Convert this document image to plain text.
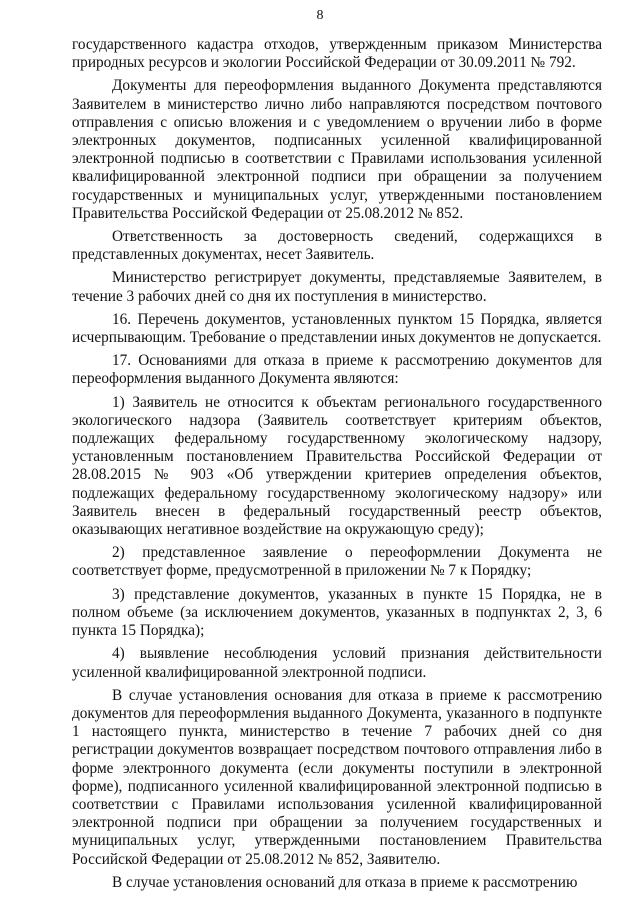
8

государственного кадастра отходов, утвержденным приказом Министерства природных ресурсов и экологии Российской Федерации от 30.09.2011 № 792.

Документы для переоформления выданного Документа представляются Заявителем в министерство лично либо направляются посредством почтового отправления с описью вложения и с уведомлением о вручении либо в форме электронных документов, подписанных усиленной квалифицированной электронной подписью в соответствии с Правилами использования усиленной квалифицированной электронной подписи при обращении за получением государственных и муниципальных услуг, утвержденными постановлением Правительства Российской Федерации от 25.08.2012 № 852.

Ответственность за достоверность сведений, содержащихся в представленных документах, несет Заявитель.

Министерство регистрирует документы, представляемые Заявителем, в течение 3 рабочих дней со дня их поступления в министерство.

16. Перечень документов, установленных пунктом 15 Порядка, является исчерпывающим. Требование о представлении иных документов не допускается.

17. Основаниями для отказа в приеме к рассмотрению документов для переоформления выданного Документа являются:

1) Заявитель не относится к объектам регионального государственного экологического надзора (Заявитель соответствует критериям объектов, подлежащих федеральному государственному экологическому надзору, установленным постановлением Правительства Российской Федерации от 28.08.2015 № 903 «Об утверждении критериев определения объектов, подлежащих федеральному государственному экологическому надзору» или Заявитель внесен в федеральный государственный реестр объектов, оказывающих негативное воздействие на окружающую среду);

2) представленное заявление о переоформлении Документа не соответствует форме, предусмотренной в приложении № 7 к Порядку;

3) представление документов, указанных в пункте 15 Порядка, не в полном объеме (за исключением документов, указанных в подпунктах 2, 3, 6 пункта 15 Порядка);

4) выявление несоблюдения условий признания действительности усиленной квалифицированной электронной подписи.

В случае установления основания для отказа в приеме к рассмотрению документов для переоформления выданного Документа, указанного в подпункте 1 настоящего пункта, министерство в течение 7 рабочих дней со дня регистрации документов возвращает посредством почтового отправления либо в форме электронного документа (если документы поступили в электронной форме), подписанного усиленной квалифицированной электронной подписью в соответствии с Правилами использования усиленной квалифицированной электронной подписи при обращении за получением государственных и муниципальных услуг, утвержденными постановлением Правительства Российской Федерации от 25.08.2012 № 852, Заявителю.

В случае установления оснований для отказа в приеме к рассмотрению
